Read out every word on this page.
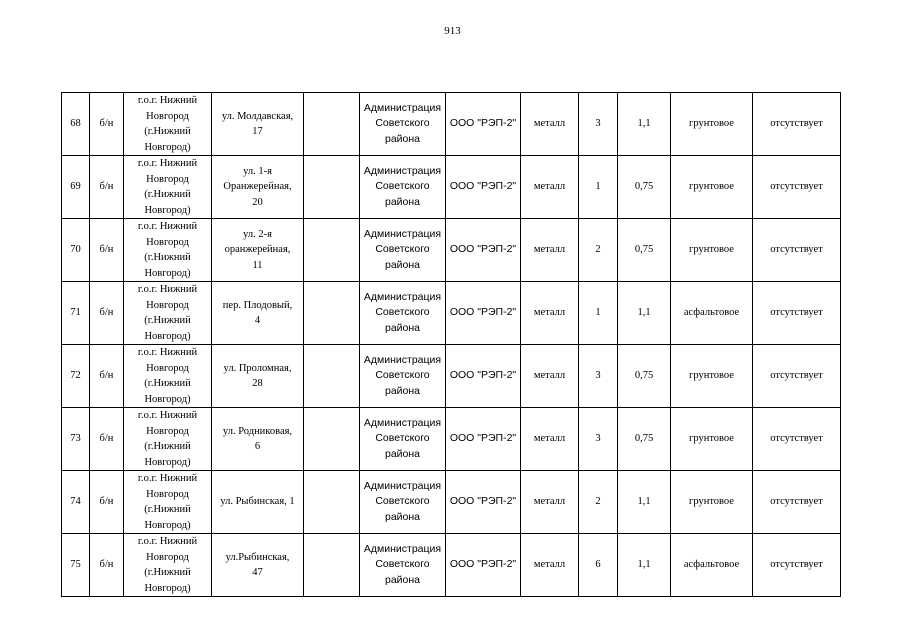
913
68	б/н	г.о.г. Нижний
Новгород
(г.Нижний
Новгород)	ул. Молдавская,
17		Администрация
Советского
района	ООО "РЭП-2"	металл	3	1,1	грунтовое	отсутствует
69	б/н	г.о.г. Нижний
Новгород
(г.Нижний
Новгород)	ул. 1-я
Оранжерейная,
20		Администрация
Советского
района	ООО "РЭП-2"	металл	1	0,75	грунтовое	отсутствует
70	б/н	г.о.г. Нижний
Новгород
(г.Нижний
Новгород)	ул. 2-я
оранжерейная,
11		Администрация
Советского
района	ООО "РЭП-2"	металл	2	0,75	грунтовое	отсутствует
71	б/н	г.о.г. Нижний
Новгород
(г.Нижний
Новгород)	пер. Плодовый,
4		Администрация
Советского
района	ООО "РЭП-2"	металл	1	1,1	асфальтовое	отсутствует
72	б/н	г.о.г. Нижний
Новгород
(г.Нижний
Новгород)	ул. Проломная,
28		Администрация
Советского
района	ООО "РЭП-2"	металл	3	0,75	грунтовое	отсутствует
73	б/н	г.о.г. Нижний
Новгород
(г.Нижний
Новгород)	ул. Родниковая,
6		Администрация
Советского
района	ООО "РЭП-2"	металл	3	0,75	грунтовое	отсутствует
74	б/н	г.о.г. Нижний
Новгород
(г.Нижний
Новгород)	ул. Рыбинская, 1		Администрация
Советского
района	ООО "РЭП-2"	металл	2	1,1	грунтовое	отсутствует
75	б/н	г.о.г. Нижний
Новгород
(г.Нижний
Новгород)	ул.Рыбинская,
47		Администрация
Советского
района	ООО "РЭП-2"	металл	6	1,1	асфальтовое	отсутствует
